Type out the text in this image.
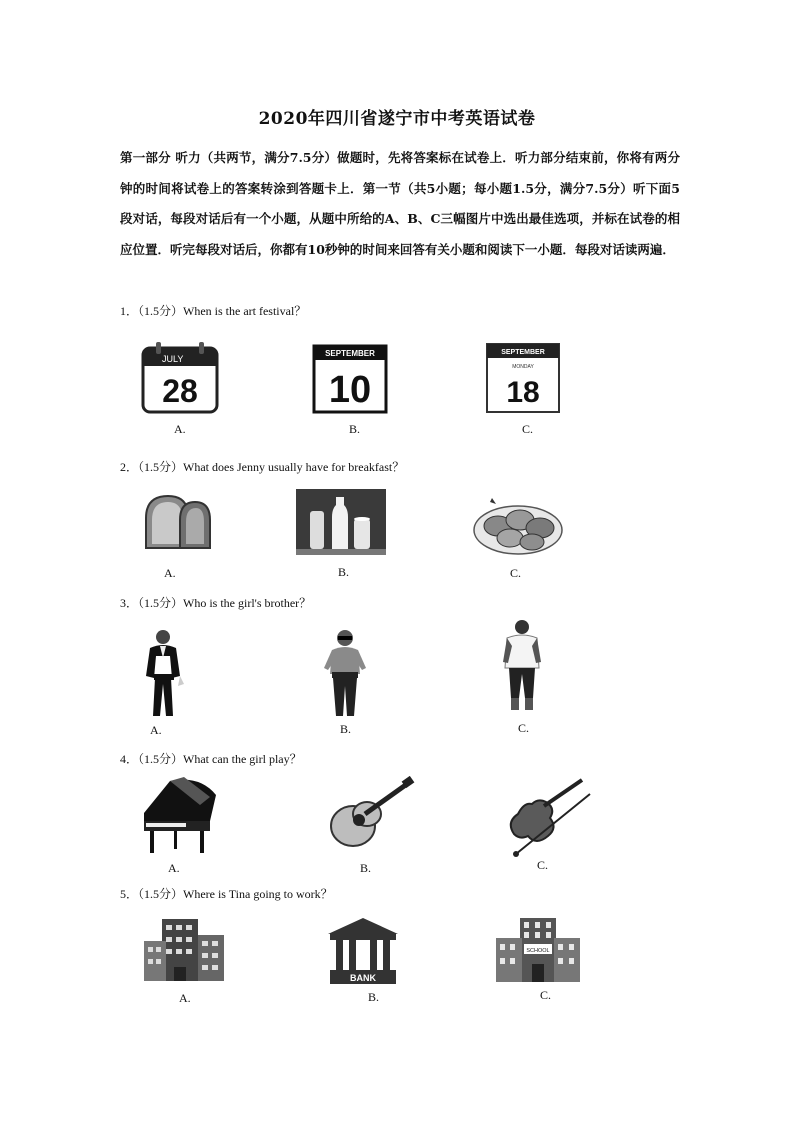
2020年四川省遂宁市中考英语试卷
第一部分 听力（共两节，满分7.5分）做题时，先将答案标在试卷上．听力部分结束前，你将有两分钟的时间将试卷上的答案转涂到答题卡上．第一节（共5小题；每小题1.5分，满分7.5分）听下面5段对话，每段对话后有一个小题，从题中所给的A、B、C三幅图片中选出最佳选项，并标在试卷的相应位置．听完每段对话后，你都有10秒钟的时间来回答有关小题和阅读下一小题．每段对话读两遍．
1．（1.5分）When is the art festival？
JULY
28
SEPTEMBER
10
SEPTEMBER
MONDAY
18
A.	B.	C.
2．（1.5分）What does Jenny usually have for breakfast？
A.	B.	C.
3．（1.5分）Who is the girl's brother？
A.	B.	C.
4．（1.5分）What can the girl play？
A.	B.	C.
5．（1.5分）Where is Tina going to work？
BANK
SCHOOL
A.	B.	C.
